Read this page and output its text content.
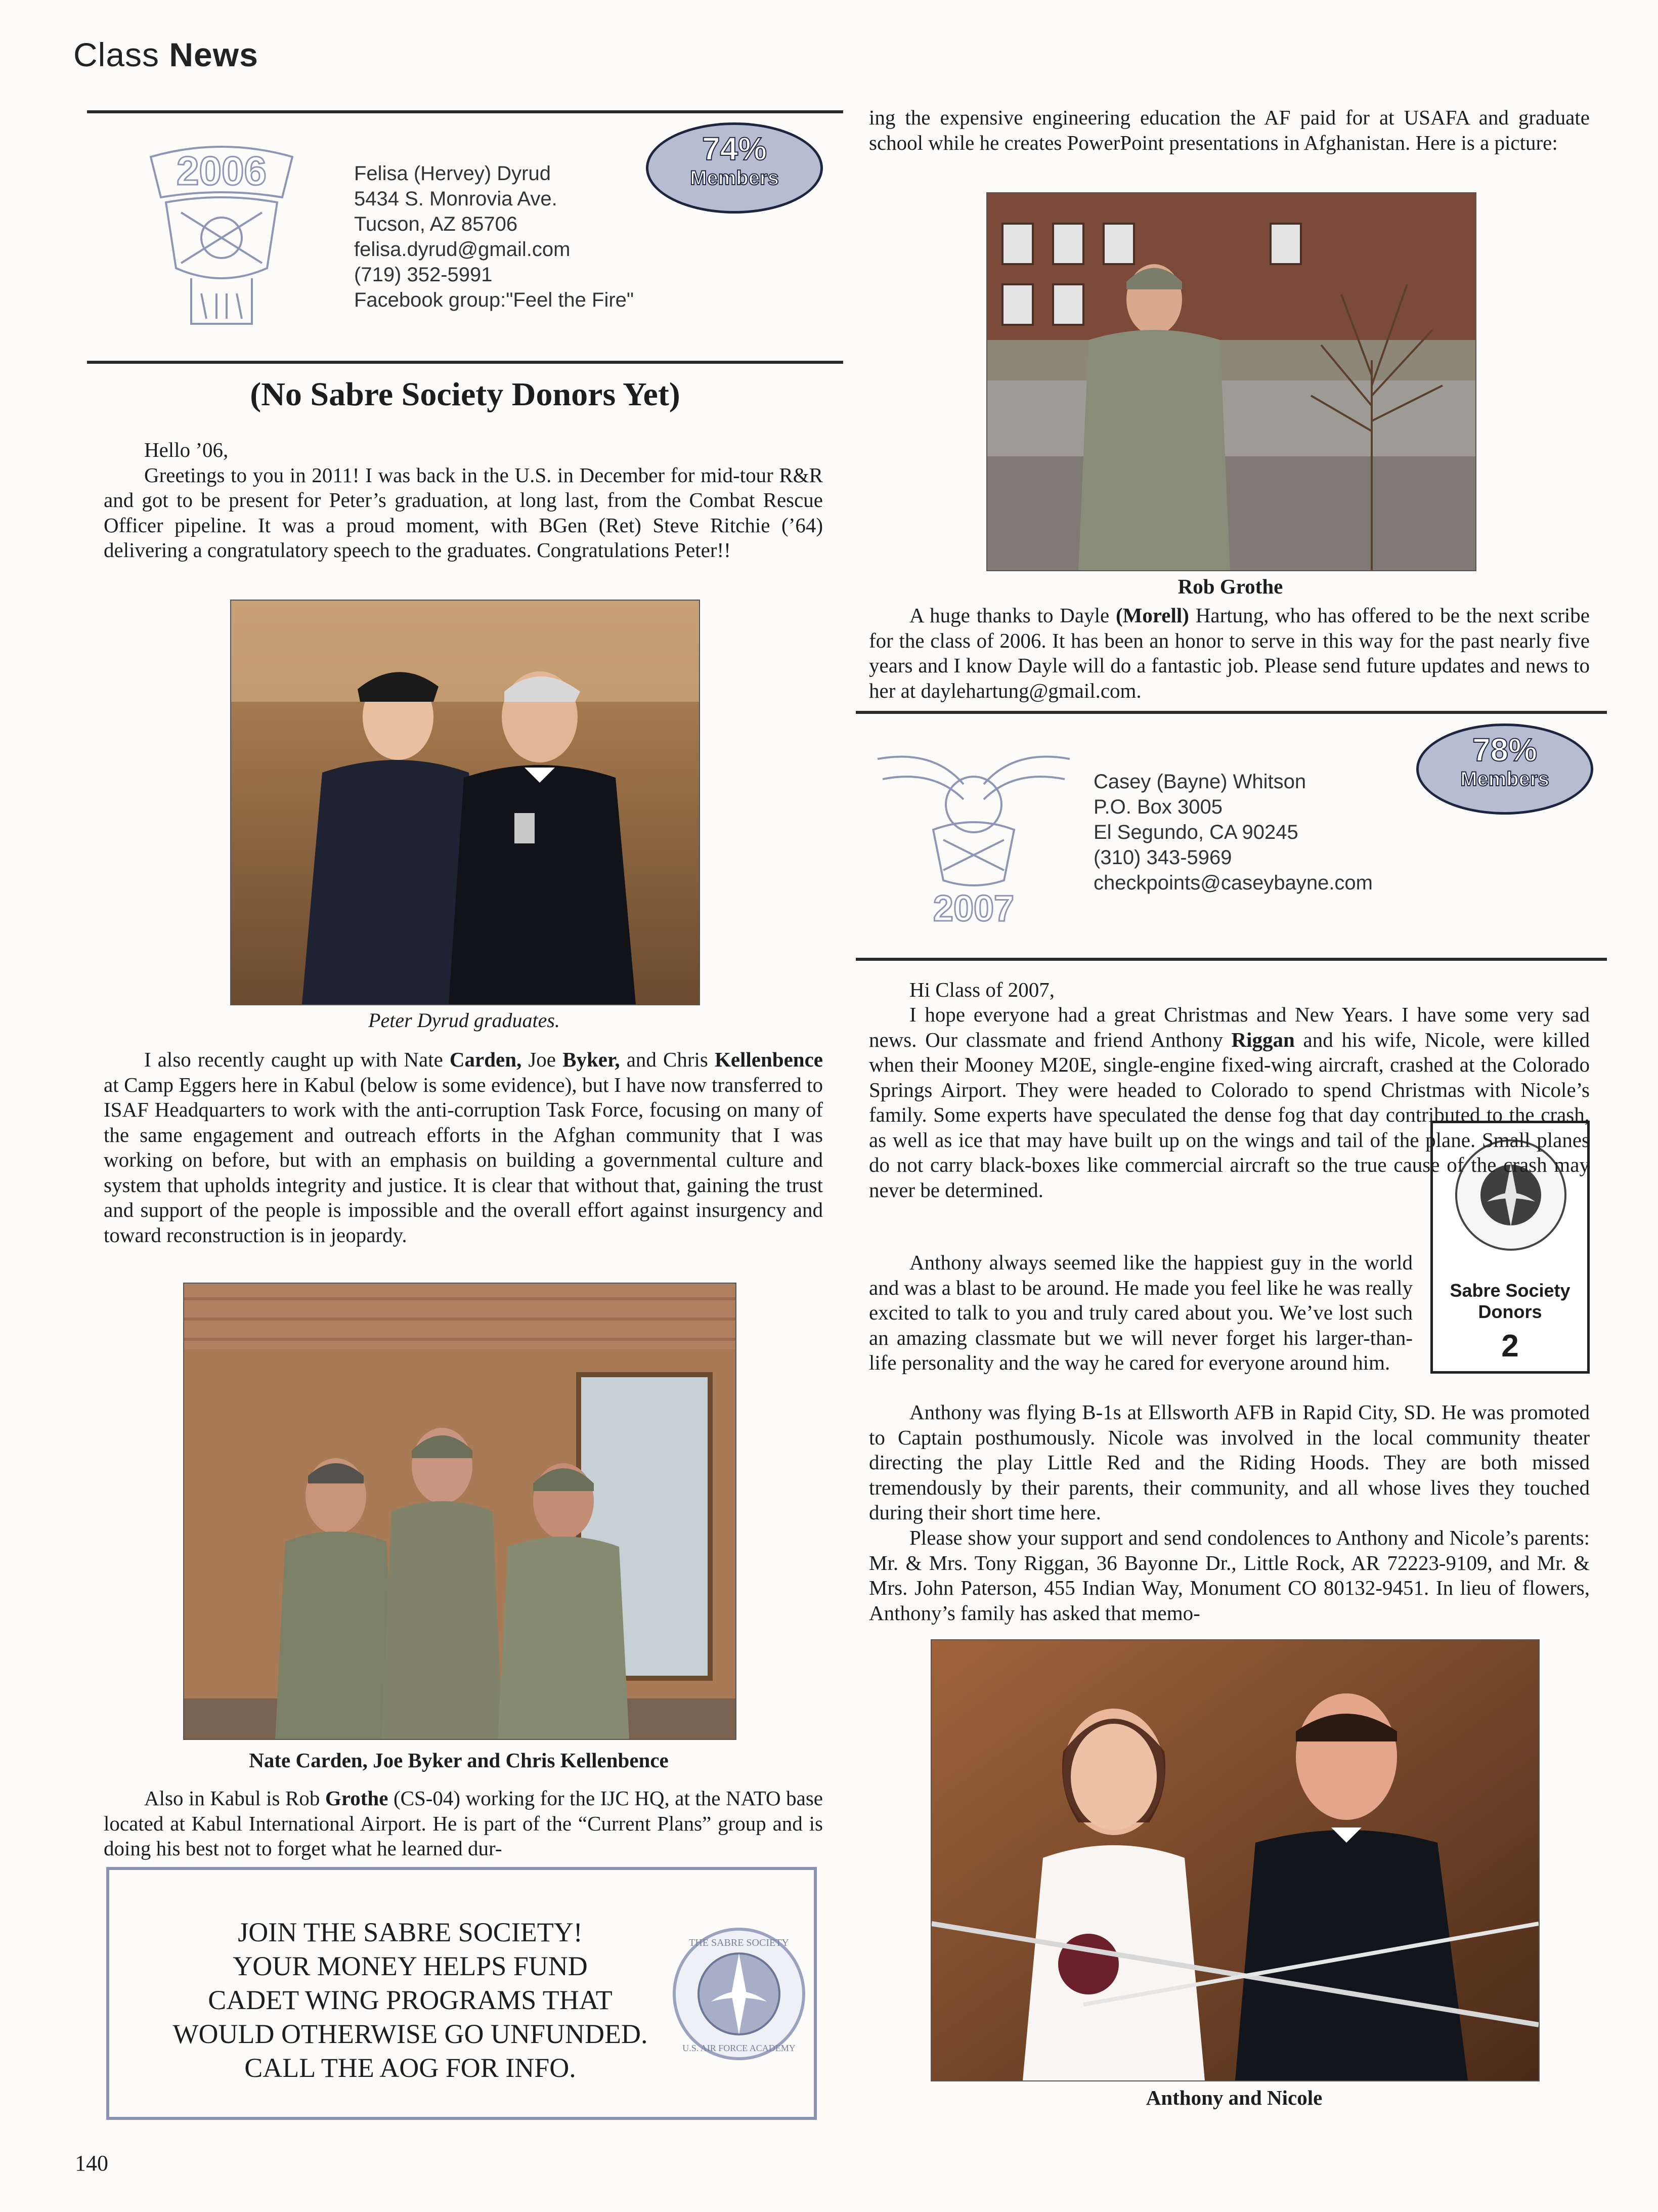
Class News
2006	Felisa (Hervey) Dyrud
5434 S. Monrovia Ave.
Tucson, AZ 85706
felisa.dyrud@gmail.com
(719) 352-5991
Facebook group:"Feel the Fire"
74%
Members
(No Sabre Society Donors Yet)

Hello ’06,

Greetings to you in 2011! I was back in the U.S. in December for mid-tour R&R and got to be present for Peter’s graduation, at long last, from the Combat Rescue Officer pipeline. It was a proud moment, with BGen (Ret) Steve Ritchie (’64) delivering a congratulatory speech to the graduates. Congratulations Peter!!

Peter Dyrud graduates.

I also recently caught up with Nate Carden, Joe Byker, and Chris Kellenbence at Camp Eggers here in Kabul (below is some evidence), but I have now transferred to ISAF Headquarters to work with the anti-corruption Task Force, focusing on many of the same engagement and outreach efforts in the Afghan community that I was working on before, but with an emphasis on building a governmental culture and system that upholds integrity and justice. It is clear that without that, gaining the trust and support of the people is impossible and the overall effort against insurgency and toward reconstruction is in jeopardy.

Nate Carden, Joe Byker and Chris Kellenbence

Also in Kabul is Rob Grothe (CS-04) working for the IJC HQ, at the NATO base located at Kabul International Airport. He is part of the “Current Plans” group and is doing his best not to forget what he learned dur-

JOIN THE SABRE SOCIETY!
YOUR MONEY HELPS FUND
CADET WING PROGRAMS THAT
WOULD OTHERWISE GO UNFUNDED.
CALL THE AOG FOR INFO.
THE SABRE SOCIETY
U.S. AIR FORCE ACADEMY
140

ing the expensive engineering education the AF paid for at USAFA and graduate school while he creates PowerPoint presentations in Afghanistan. Here is a picture:

Rob Grothe

A huge thanks to Dayle (Morell) Hartung, who has offered to be the next scribe for the class of 2006. It has been an honor to serve in this way for the past nearly five years and I know Dayle will do a fantastic job. Please send future updates and news to her at daylehartung@gmail.com.

2007
Casey (Bayne) Whitson
P.O. Box 3005
El Segundo, CA 90245
(310) 343-5969
checkpoints@caseybayne.com
78%
Members
Sabre Society
Donors
2

Hi Class of 2007,

I hope everyone had a great Christmas and New Years. I have some very sad news. Our classmate and friend Anthony Riggan and his wife, Nicole, were killed when their Mooney M20E, single-engine fixed-wing aircraft, crashed at the Colorado Springs Airport. They were headed to Colorado to spend Christmas with Nicole’s family. Some experts have speculated the dense fog that day contributed to the crash, as well as ice that may have built up on the wings and tail of the plane. Small planes do not carry black-boxes like commercial aircraft so the true cause of the crash may never be determined.

Anthony always seemed like the happiest guy in the world and was a blast to be around. He made you feel like he was really excited to talk to you and truly cared about you. We’ve lost such an amazing classmate but we will never forget his larger-than-life personality and the way he cared for everyone around him.

Anthony was flying B-1s at Ellsworth AFB in Rapid City, SD. He was promoted to Captain posthumously. Nicole was involved in the local community theater directing the play Little Red and the Riding Hoods. They are both missed tremendously by their parents, their community, and all whose lives they touched during their short time here.

Please show your support and send condolences to Anthony and Nicole’s parents: Mr. & Mrs. Tony Riggan, 36 Bayonne Dr., Little Rock, AR 72223-9109, and Mr. & Mrs. John Paterson, 455 Indian Way, Monument CO 80132-9451. In lieu of flowers, Anthony’s family has asked that memo-

Anthony and Nicole
